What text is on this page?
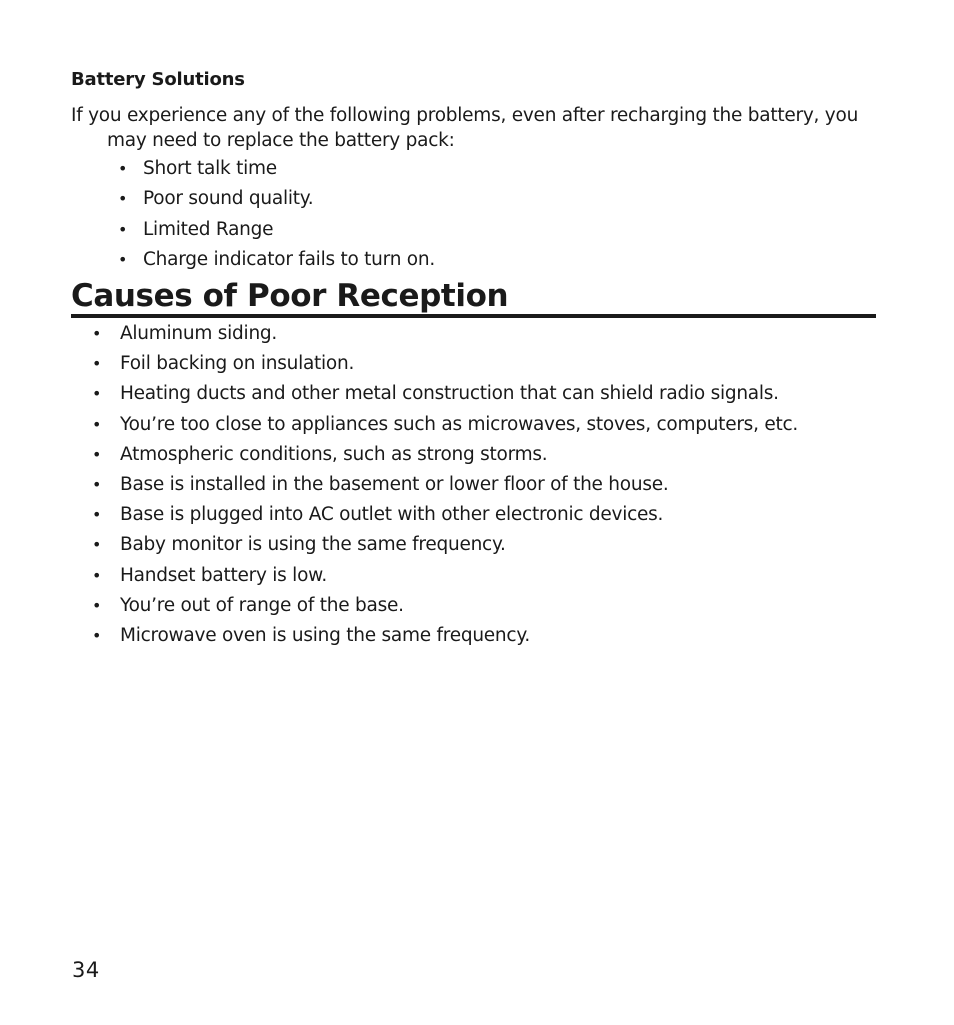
Battery Solutions
If you experience any of the following problems, even after recharging the battery, you may need to replace the battery pack:
• Short talk time
• Poor sound quality.
• Limited Range
• Charge indicator fails to turn on.
Causes of Poor Reception
• Aluminum siding.
• Foil backing on insulation.
• Heating ducts and other metal construction that can shield radio signals.
• You’re too close to appliances such as microwaves, stoves, computers, etc.
• Atmospheric conditions, such as strong storms.
• Base is installed in the basement or lower floor of the house.
• Base is plugged into AC outlet with other electronic devices.
• Baby monitor is using the same frequency.
• Handset battery is low.
• You’re out of range of the base.
• Microwave oven is using the same frequency.
34
